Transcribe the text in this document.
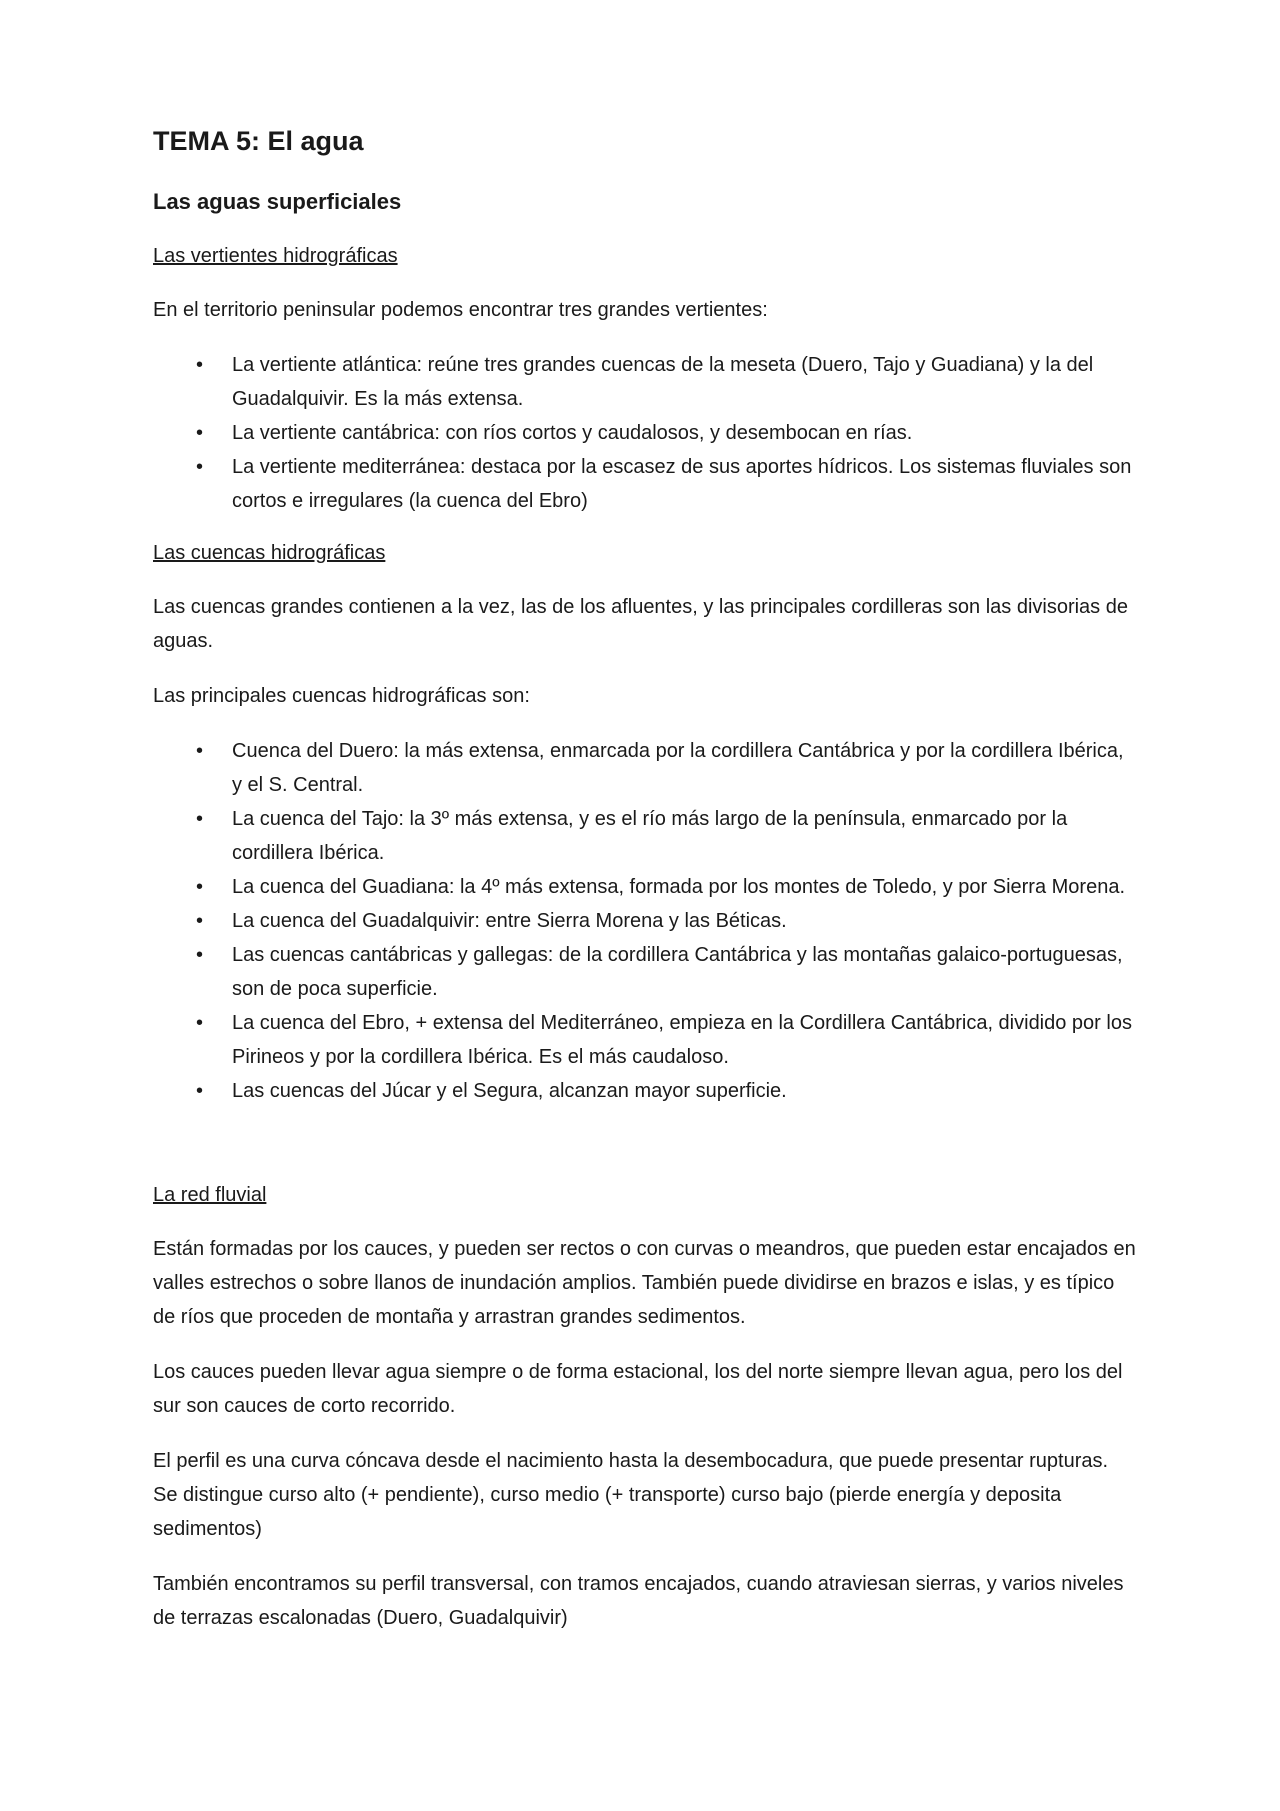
TEMA 5: El agua
Las aguas superficiales
Las vertientes hidrográficas

En el territorio peninsular podemos encontrar tres grandes vertientes:

• La vertiente atlántica: reúne tres grandes cuencas de la meseta (Duero, Tajo y Guadiana) y la del Guadalquivir. Es la más extensa.
• La vertiente cantábrica: con ríos cortos y caudalosos, y desembocan en rías.
• La vertiente mediterránea: destaca por la escasez de sus aportes hídricos. Los sistemas fluviales son cortos e irregulares (la cuenca del Ebro)
Las cuencas hidrográficas

Las cuencas grandes contienen a la vez, las de los afluentes, y las principales cordilleras son las divisorias de aguas.

Las principales cuencas hidrográficas son:

• Cuenca del Duero: la más extensa, enmarcada por la cordillera Cantábrica y por la cordillera Ibérica, y el S. Central.
• La cuenca del Tajo: la 3º más extensa, y es el río más largo de la península, enmarcado por la cordillera Ibérica.
• La cuenca del Guadiana: la 4º más extensa, formada por los montes de Toledo, y por Sierra Morena.
• La cuenca del Guadalquivir: entre Sierra Morena y las Béticas.
• Las cuencas cantábricas y gallegas: de la cordillera Cantábrica y las montañas galaico-portuguesas, son de poca superficie.
• La cuenca del Ebro, + extensa del Mediterráneo, empieza en la Cordillera Cantábrica, dividido por los Pirineos y por la cordillera Ibérica. Es el más caudaloso.
• Las cuencas del Júcar y el Segura, alcanzan mayor superficie.
La red fluvial

Están formadas por los cauces, y pueden ser rectos o con curvas o meandros, que pueden estar encajados en valles estrechos o sobre llanos de inundación amplios. También puede dividirse en brazos e islas, y es típico de ríos que proceden de montaña y arrastran grandes sedimentos.

Los cauces pueden llevar agua siempre o de forma estacional, los del norte siempre llevan agua, pero los del sur son cauces de corto recorrido.

El perfil es una curva cóncava desde el nacimiento hasta la desembocadura, que puede presentar rupturas. Se distingue curso alto (+ pendiente), curso medio (+ transporte) curso bajo (pierde energía y deposita sedimentos)

También encontramos su perfil transversal, con tramos encajados, cuando atraviesan sierras, y varios niveles de terrazas escalonadas (Duero, Guadalquivir)
